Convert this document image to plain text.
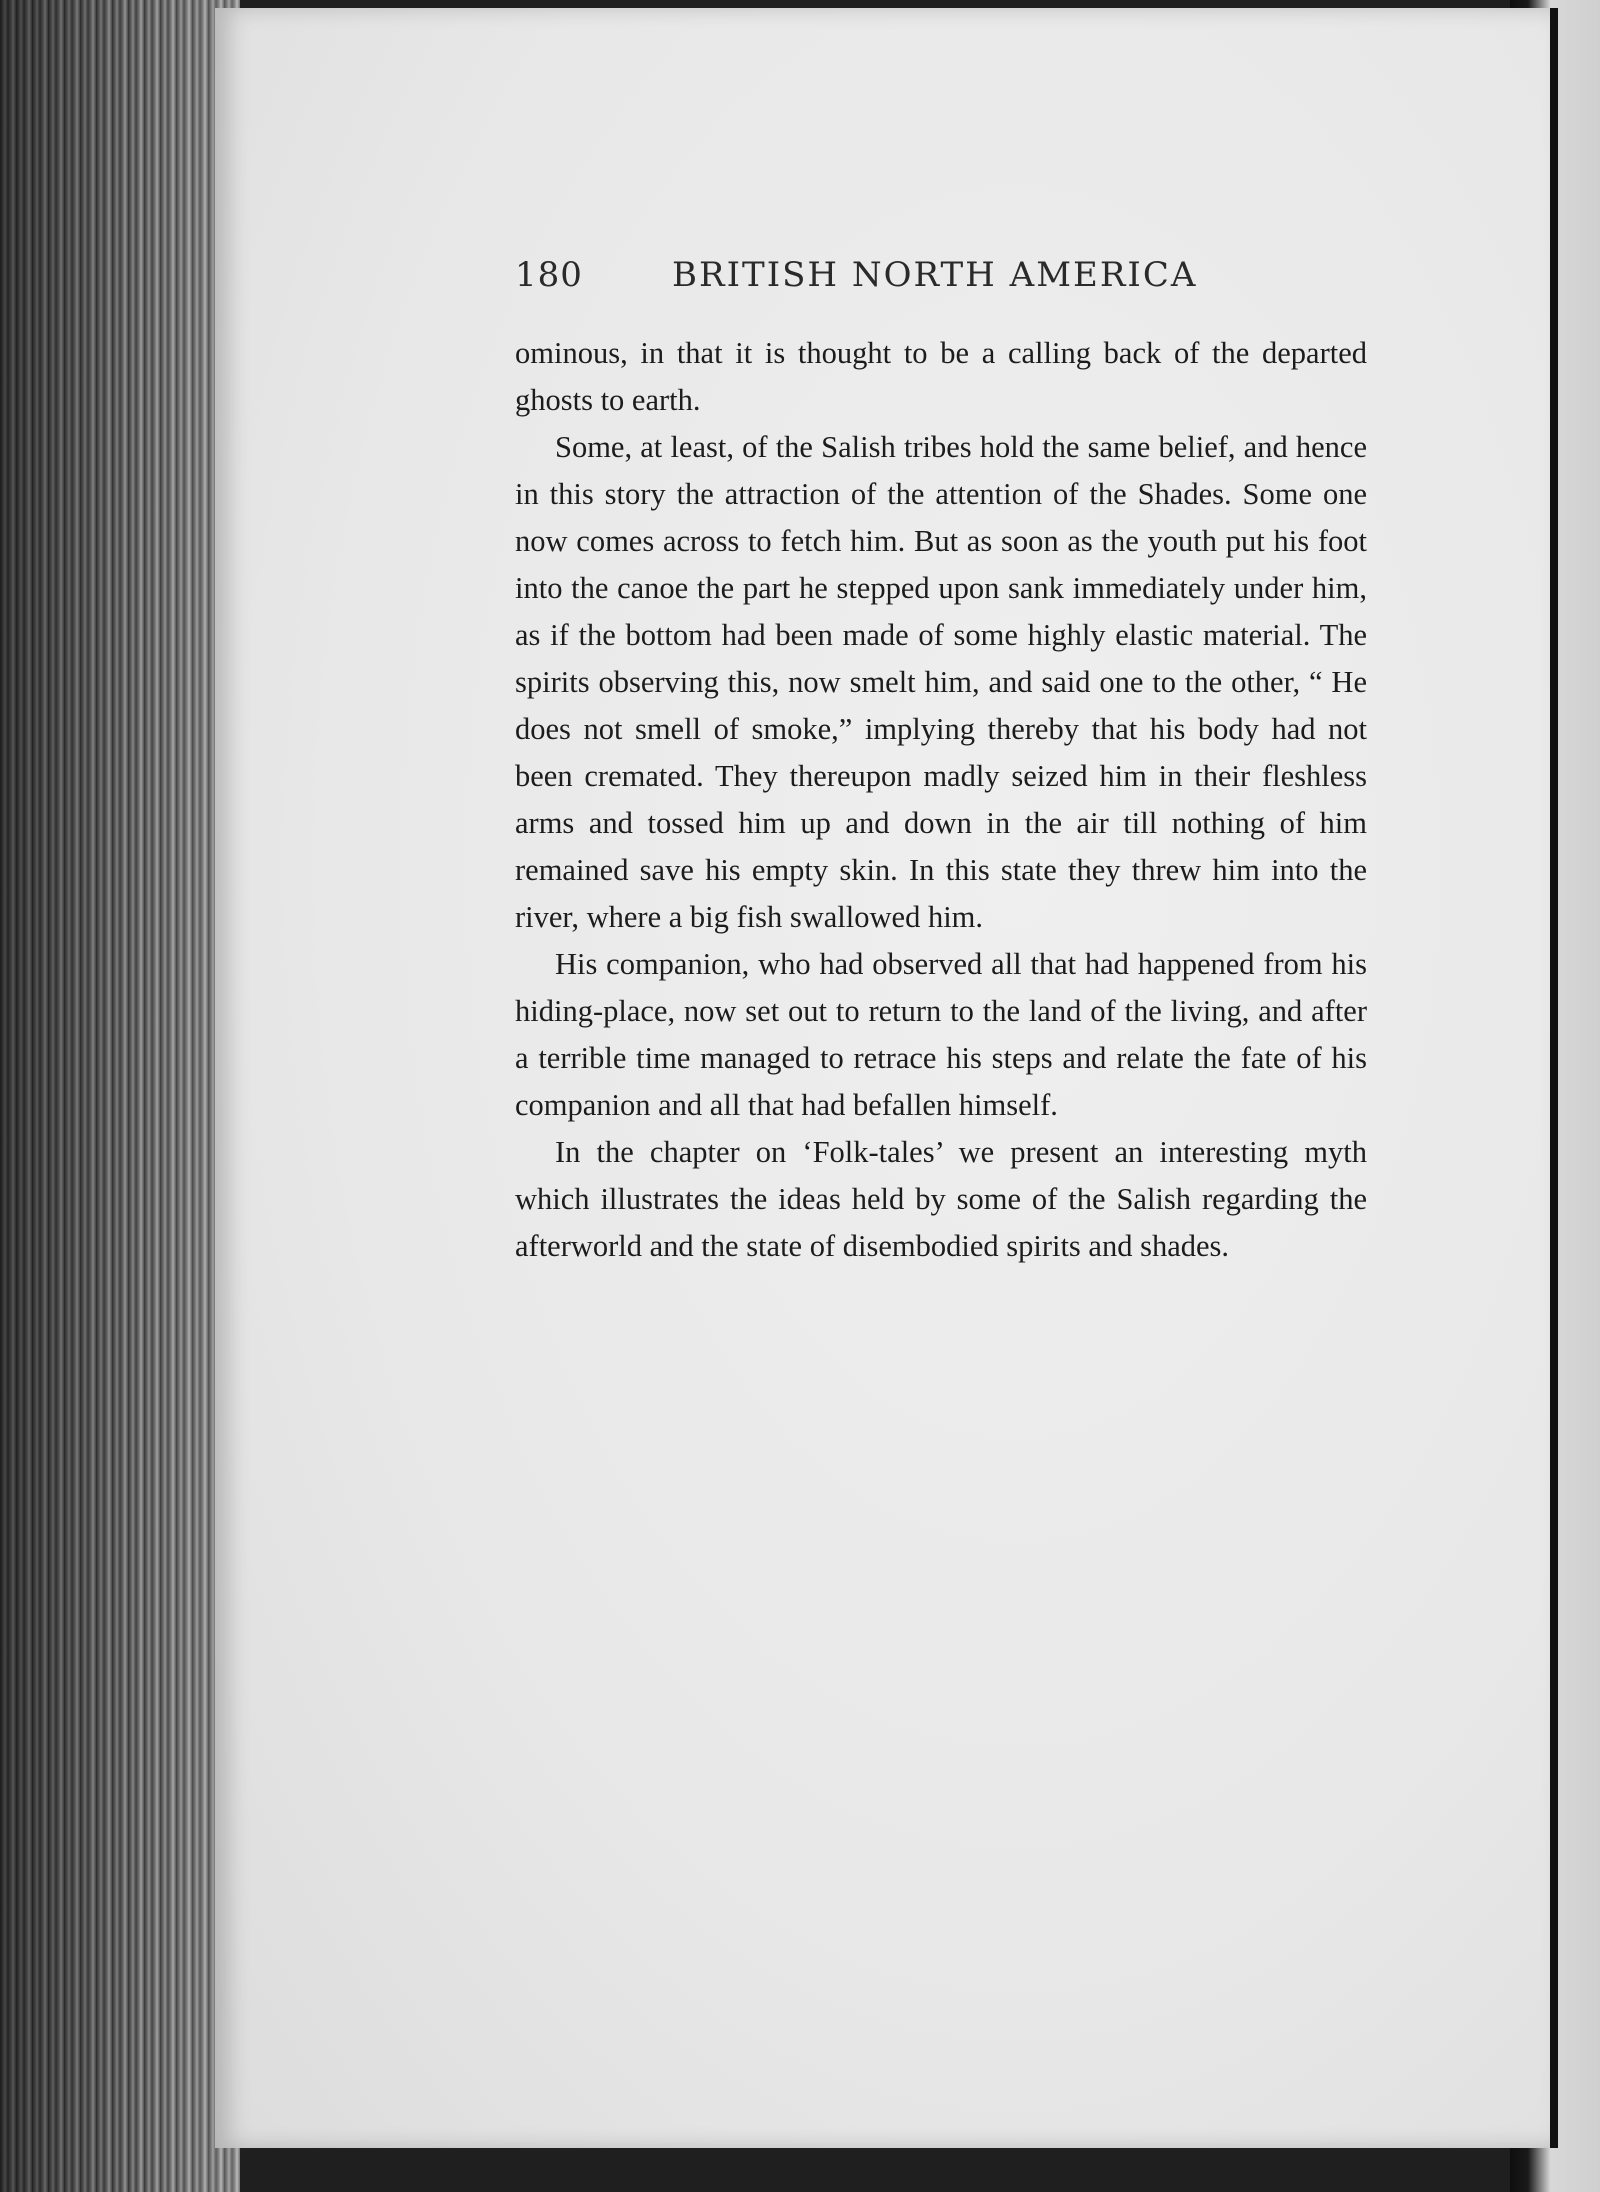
180	BRITISH NORTH AMERICA

ominous, in that it is thought to be a calling back of the departed ghosts to earth.

Some, at least, of the Salish tribes hold the same belief, and hence in this story the attraction of the attention of the Shades. Some one now comes across to fetch him. But as soon as the youth put his foot into the canoe the part he stepped upon sank immediately under him, as if the bottom had been made of some highly elastic material. The spirits observing this, now smelt him, and said one to the other, “ He does not smell of smoke,” implying thereby that his body had not been cremated. They thereupon madly seized him in their fleshless arms and tossed him up and down in the air till nothing of him remained save his empty skin. In this state they threw him into the river, where a big fish swallowed him.

His companion, who had observed all that had happened from his hiding-place, now set out to return to the land of the living, and after a terrible time managed to retrace his steps and relate the fate of his companion and all that had befallen himself.

In the chapter on ‘Folk-tales’ we present an interesting myth which illustrates the ideas held by some of the Salish regarding the afterworld and the state of disembodied spirits and shades.
